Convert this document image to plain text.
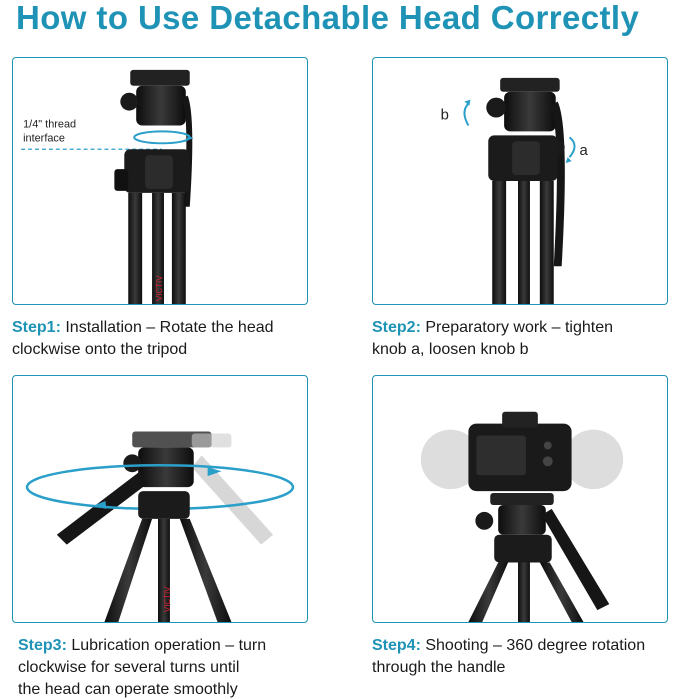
How to Use Detachable Head Correctly
1/4" thread
interface
VICTIV
b
a
VICTIV
Step1: Installation – Rotate the head
clockwise onto the tripod
Step2: Preparatory work – tighten
knob a, loosen knob b
Step3: Lubrication operation – turn
clockwise for several turns until
the head can operate smoothly
Step4: Shooting – 360 degree rotation
through the handle
